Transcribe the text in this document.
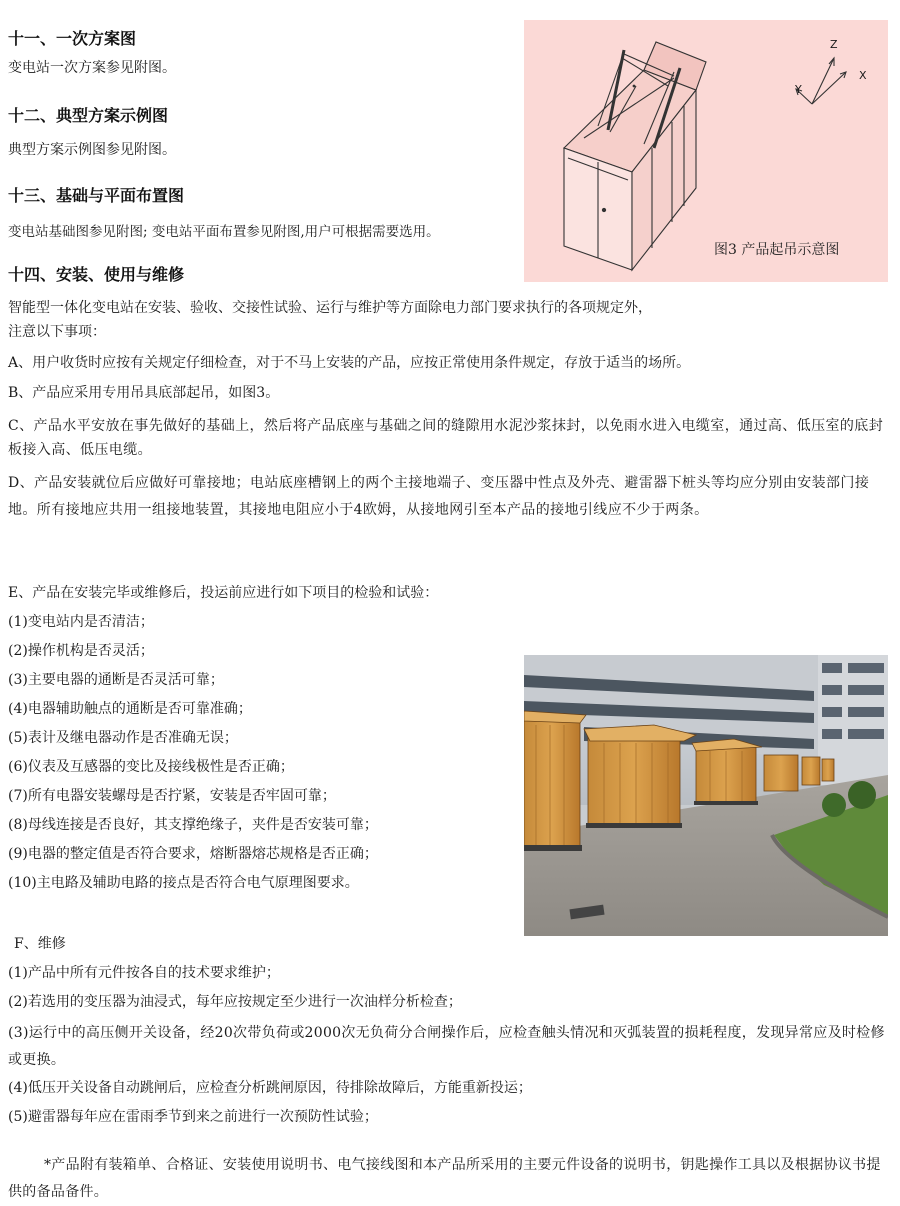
十一、一次方案图
变电站一次方案参见附图。
十二、典型方案示例图
典型方案示例图参见附图。
十三、基础与平面布置图
变电站基础图参见附图; 变电站平面布置参见附图,用户可根据需要选用。
十四、安装、使用与维修
智能型一体化变电站在安装、验收、交接性试验、运行与维护等方面除电力部门要求执行的各项规定外，
注意以下事项：
A、用户收货时应按有关规定仔细检查，对于不马上安装的产品，应按正常使用条件规定，存放于适当的场所。
B、产品应采用专用吊具底部起吊，如图3。
C、产品水平安放在事先做好的基础上，然后将产品底座与基础之间的缝隙用水泥沙浆抹封，以免雨水进入电缆室，通过高、低压室的底封板接入高、低压电缆。
D、产品安装就位后应做好可靠接地；电站底座槽钢上的两个主接地端子、变压器中性点及外壳、避雷器下桩头等均应分别由安装部门接地。所有接地应共用一组接地装置，其接地电阻应小于4欧姆，从接地网引至本产品的接地引线应不少于两条。
E、产品在安装完毕或维修后，投运前应进行如下项目的检验和试验：
(1)变电站内是否清洁；
(2)操作机构是否灵活；
(3)主要电器的通断是否灵活可靠；
(4)电器辅助触点的通断是否可靠准确；
(5)表计及继电器动作是否准确无误；
(6)仪表及互感器的变比及接线极性是否正确；
(7)所有电器安装螺母是否拧紧，安装是否牢固可靠；
(8)母线连接是否良好，其支撑绝缘子，夹件是否安装可靠；
(9)电器的整定值是否符合要求，熔断器熔芯规格是否正确；
(10)主电路及辅助电路的接点是否符合电气原理图要求。
F、维修
(1)产品中所有元件按各自的技术要求维护；
(2)若选用的变压器为油浸式，每年应按规定至少进行一次油样分析检查；
(3)运行中的高压侧开关设备，经20次带负荷或2000次无负荷分合闸操作后，应检查触头情况和灭弧装置的损耗程度，发现异常应及时检修或更换。
(4)低压开关设备自动跳闸后，应检查分析跳闸原因，待排除故障后，方能重新投运；
(5)避雷器每年应在雷雨季节到来之前进行一次预防性试验；
*产品附有装箱单、合格证、安装使用说明书、电气接线图和本产品所采用的主要元件设备的说明书，钥匙操作工具以及根据协议书提供的备品备件。
Z
X
Y
图3 产品起吊示意图
